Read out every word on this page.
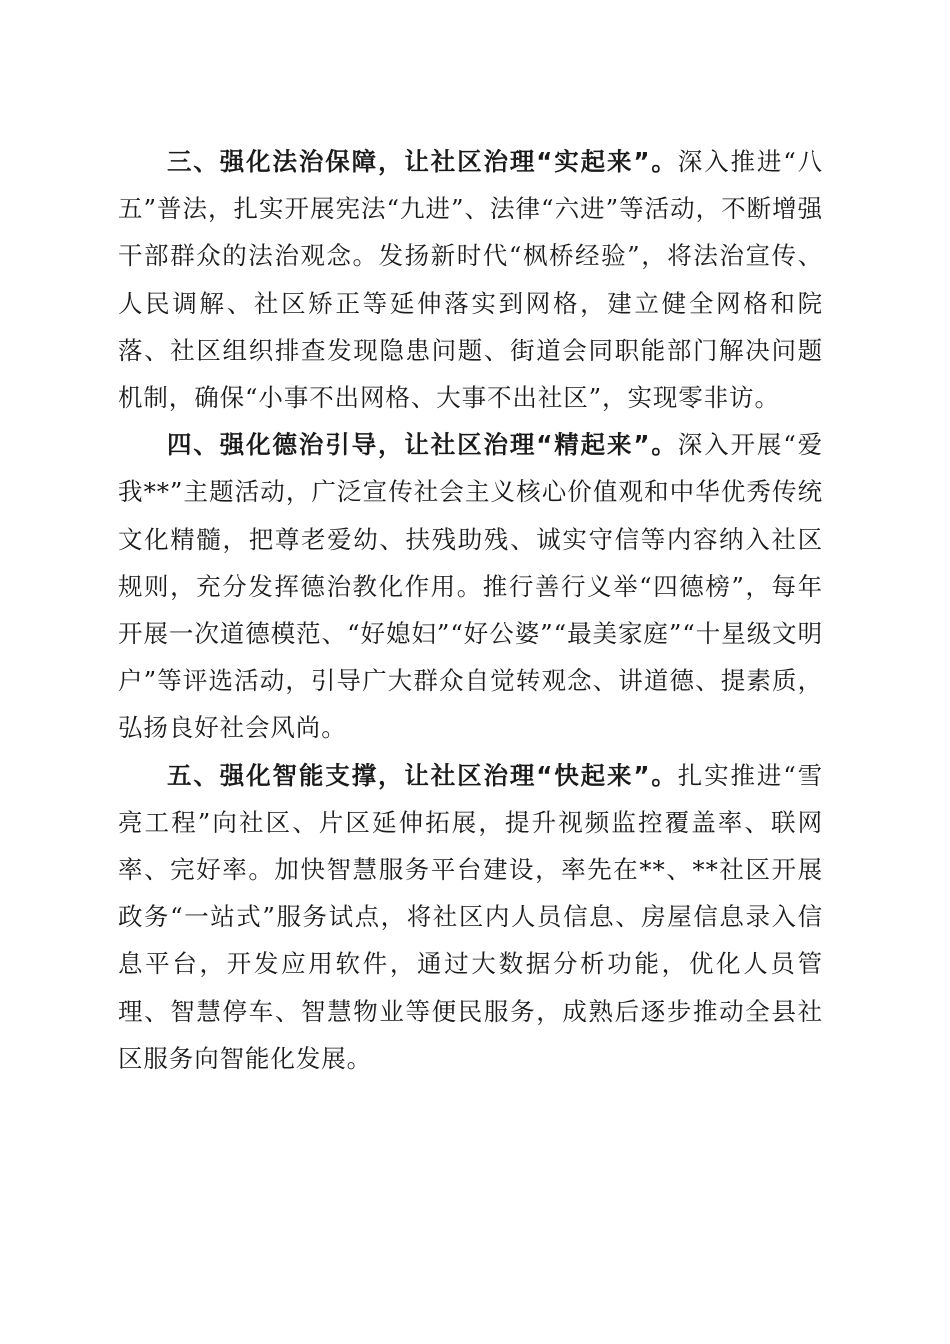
三、强化法治保障，让社区治理“实起来”。深入推进“八五”普法，扎实开展宪法“九进”、法律“六进”等活动，不断增强干部群众的法治观念。发扬新时代“枫桥经验”，将法治宣传、人民调解、社区矫正等延伸落实到网格，建立健全网格和院落、社区组织排查发现隐患问题、街道会同职能部门解决问题机制，确保“小事不出网格、大事不出社区”，实现零非访。

四、强化德治引导，让社区治理“精起来”。深入开展“爱我**”主题活动，广泛宣传社会主义核心价值观和中华优秀传统文化精髓，把尊老爱幼、扶残助残、诚实守信等内容纳入社区规则，充分发挥德治教化作用。推行善行义举“四德榜”，每年开展一次道德模范、“好媳妇”“好公婆”“最美家庭”“十星级文明户”等评选活动，引导广大群众自觉转观念、讲道德、提素质，弘扬良好社会风尚。

五、强化智能支撑，让社区治理“快起来”。扎实推进“雪亮工程”向社区、片区延伸拓展，提升视频监控覆盖率、联网率、完好率。加快智慧服务平台建设，率先在**、**社区开展政务“一站式”服务试点，将社区内人员信息、房屋信息录入信息平台，开发应用软件，通过大数据分析功能，优化人员管理、智慧停车、智慧物业等便民服务，成熟后逐步推动全县社区服务向智能化发展。
